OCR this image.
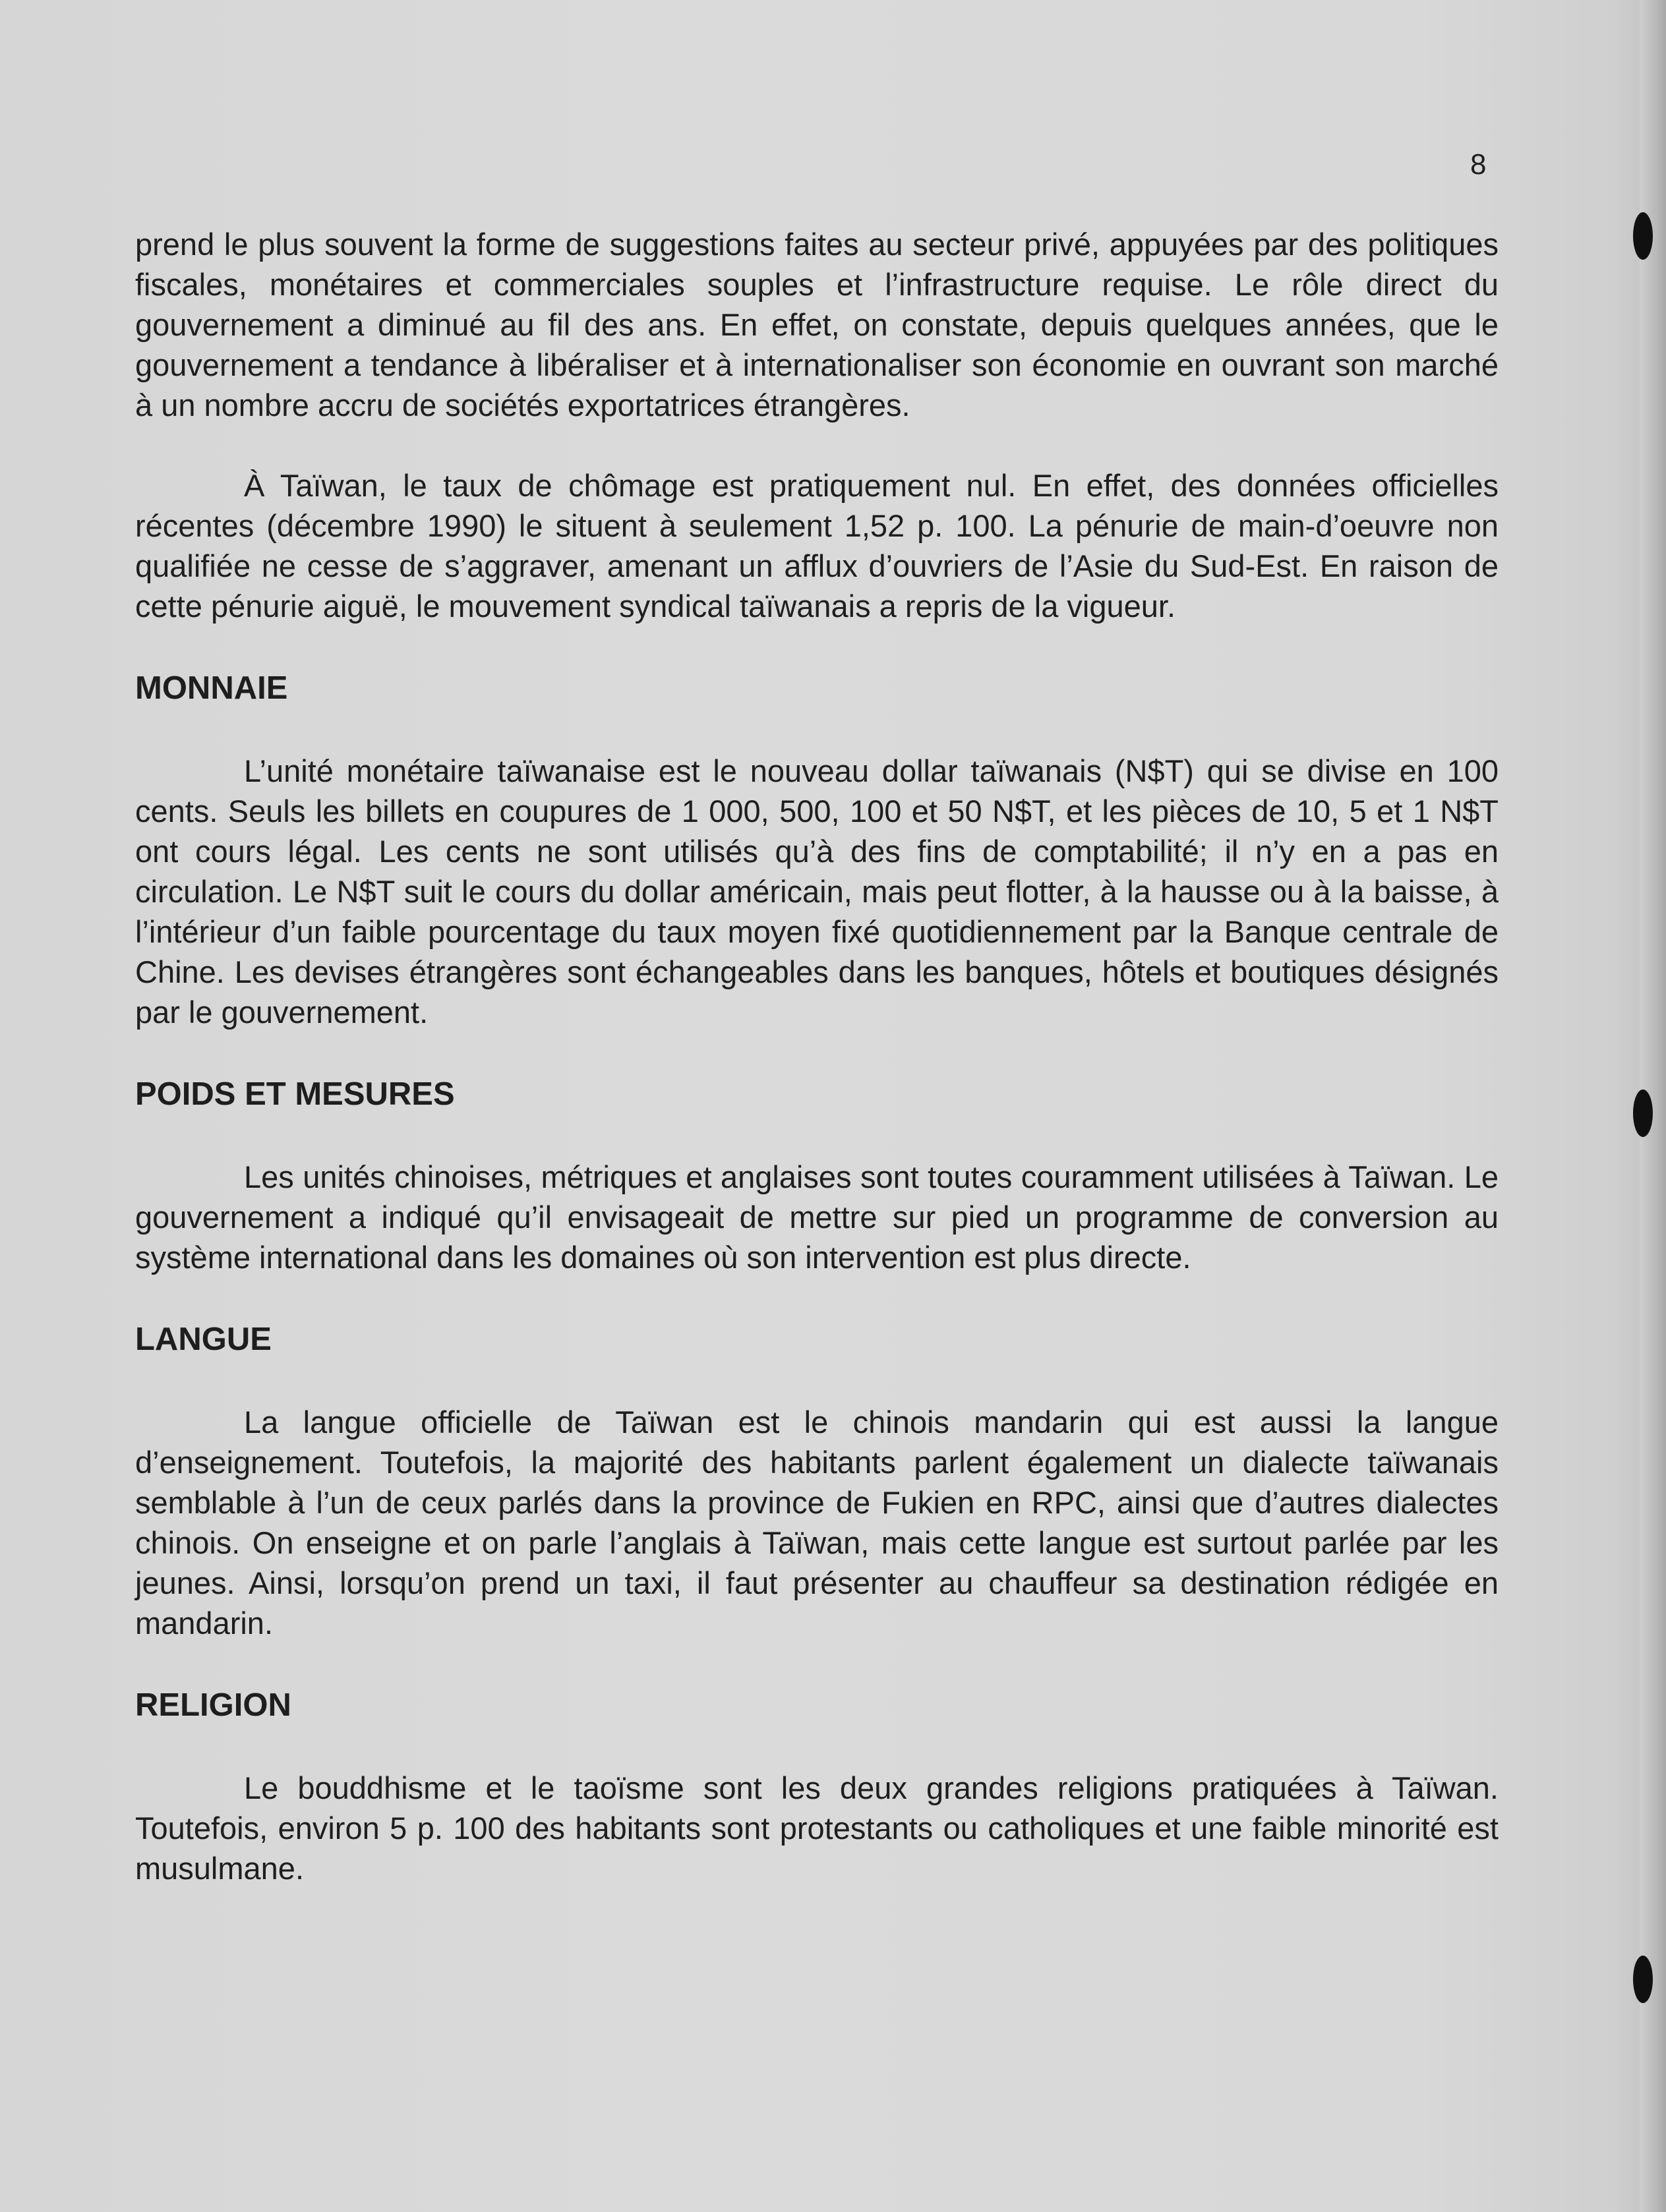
8

prend le plus souvent la forme de suggestions faites au secteur privé, appuyées par des politiques fiscales, monétaires et commerciales souples et l’infrastructure requise. Le rôle direct du gouvernement a diminué au fil des ans. En effet, on constate, depuis quelques années, que le gouvernement a tendance à libéraliser et à internationaliser son économie en ouvrant son marché à un nombre accru de sociétés exportatrices étrangères.

À Taïwan, le taux de chômage est pratiquement nul. En effet, des données officielles récentes (décembre 1990) le situent à seulement 1,52 p. 100. La pénurie de main-d’oeuvre non qualifiée ne cesse de s’aggraver, amenant un afflux d’ouvriers de l’Asie du Sud-Est. En raison de cette pénurie aiguë, le mouvement syndical taïwanais a repris de la vigueur.

MONNAIE

L’unité monétaire taïwanaise est le nouveau dollar taïwanais (N$T) qui se divise en 100 cents. Seuls les billets en coupures de 1 000, 500, 100 et 50 N$T, et les pièces de 10, 5 et 1 N$T ont cours légal. Les cents ne sont utilisés qu’à des fins de comptabilité; il n’y en a pas en circulation. Le N$T suit le cours du dollar américain, mais peut flotter, à la hausse ou à la baisse, à l’intérieur d’un faible pourcentage du taux moyen fixé quotidiennement par la Banque centrale de Chine. Les devises étrangères sont échangeables dans les banques, hôtels et boutiques désignés par le gouvernement.

POIDS ET MESURES

Les unités chinoises, métriques et anglaises sont toutes couramment utilisées à Taïwan. Le gouvernement a indiqué qu’il envisageait de mettre sur pied un programme de conversion au système international dans les domaines où son intervention est plus directe.

LANGUE

La langue officielle de Taïwan est le chinois mandarin qui est aussi la langue d’enseignement. Toutefois, la majorité des habitants parlent également un dialecte taïwanais semblable à l’un de ceux parlés dans la province de Fukien en RPC, ainsi que d’autres dialectes chinois. On enseigne et on parle l’anglais à Taïwan, mais cette langue est surtout parlée par les jeunes. Ainsi, lorsqu’on prend un taxi, il faut présenter au chauffeur sa destination rédigée en mandarin.

RELIGION

Le bouddhisme et le taoïsme sont les deux grandes religions pratiquées à Taïwan. Toutefois, environ 5 p. 100 des habitants sont protestants ou catholiques et une faible minorité est musulmane.
